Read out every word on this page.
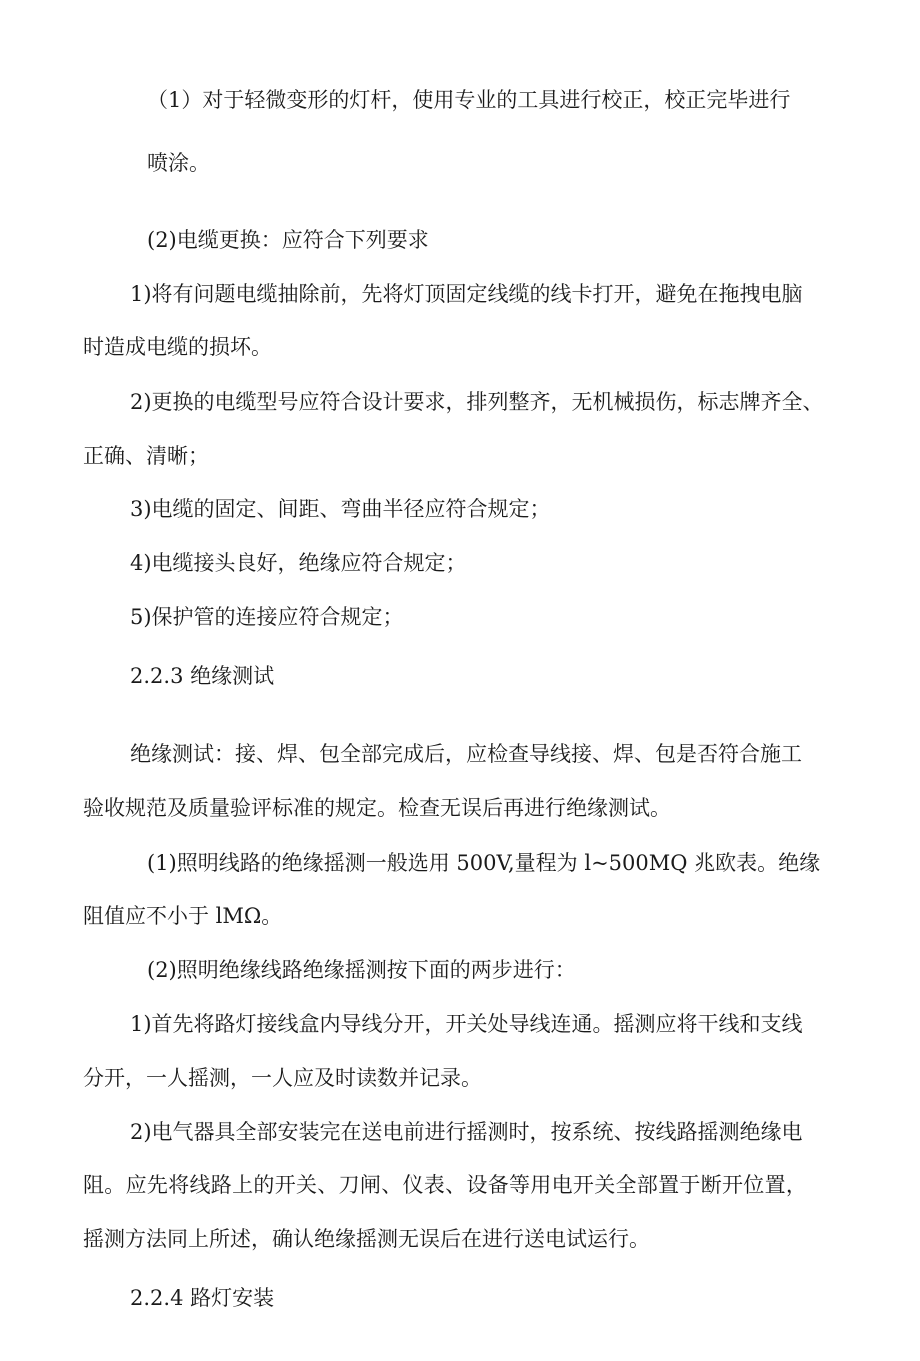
（1）对于轻微变形的灯杆，使用专业的工具进行校正，校正完毕进行

喷涂。

(2)电缆更换：应符合下列要求

1)将有问题电缆抽除前，先将灯顶固定线缆的线卡打开，避免在拖拽电脑

时造成电缆的损坏。

2)更换的电缆型号应符合设计要求，排列整齐，无机械损伤，标志牌齐全、

正确、清晰；

3)电缆的固定、间距、弯曲半径应符合规定；

4)电缆接头良好，绝缘应符合规定；

5)保护管的连接应符合规定；

2.2.3 绝缘测试

绝缘测试：接、焊、包全部完成后，应检查导线接、焊、包是否符合施工

验收规范及质量验评标准的规定。检查无误后再进行绝缘测试。

(1)照明线路的绝缘摇测一般选用 500V,量程为 l~500MQ 兆欧表。绝缘

阻值应不小于 lMΩ。

(2)照明绝缘线路绝缘摇测按下面的两步进行：

1)首先将路灯接线盒内导线分开，开关处导线连通。摇测应将干线和支线

分开，一人摇测，一人应及时读数并记录。

2)电气器具全部安装完在送电前进行摇测时，按系统、按线路摇测绝缘电

阻。应先将线路上的开关、刀闸、仪表、设备等用电开关全部置于断开位置，

摇测方法同上所述，确认绝缘摇测无误后在进行送电试运行。

2.2.4 路灯安装
